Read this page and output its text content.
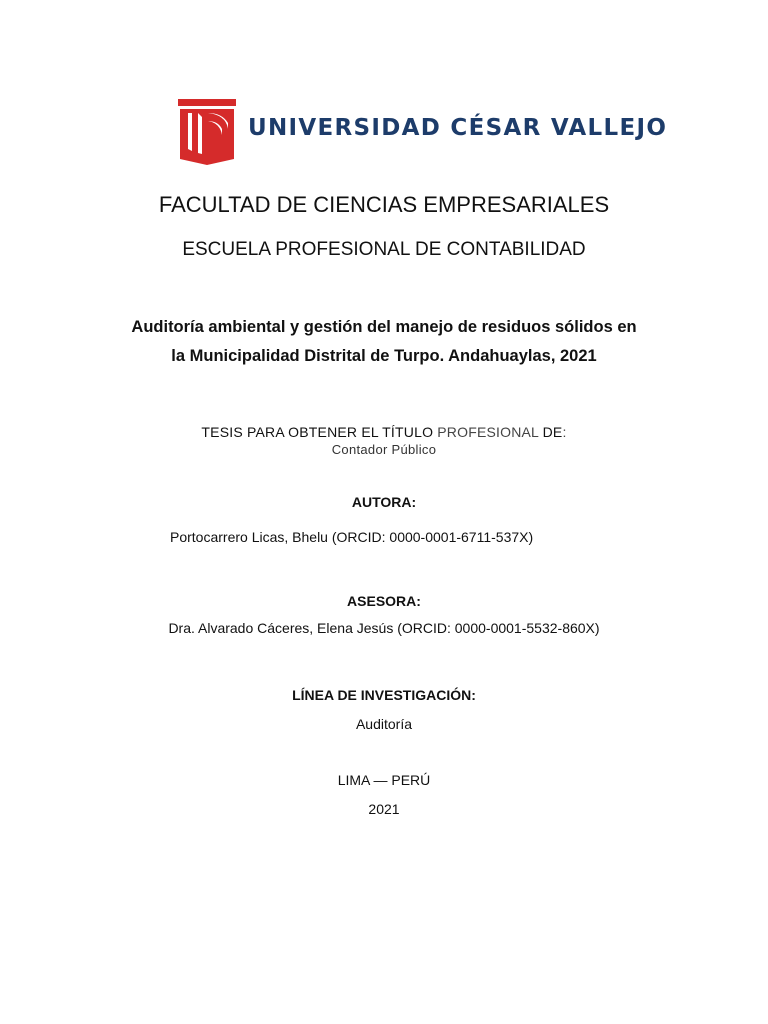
UNIVERSIDAD CÉSAR VALLEJO
FACULTAD DE CIENCIAS EMPRESARIALES
ESCUELA PROFESIONAL DE CONTABILIDAD
Auditoría ambiental y gestión del manejo de residuos sólidos en
la Municipalidad Distrital de Turpo. Andahuaylas, 2021
TESIS PARA OBTENER EL TÍTULO PROFESIONAL DE:
Contador Público
AUTORA:
Portocarrero Licas, Bhelu (ORCID: 0000-0001-6711-537X)
ASESORA:
Dra. Alvarado Cáceres, Elena Jesús (ORCID: 0000-0001-5532-860X)
LÍNEA DE INVESTIGACIÓN:
Auditoría
LIMA — PERÚ
2021
